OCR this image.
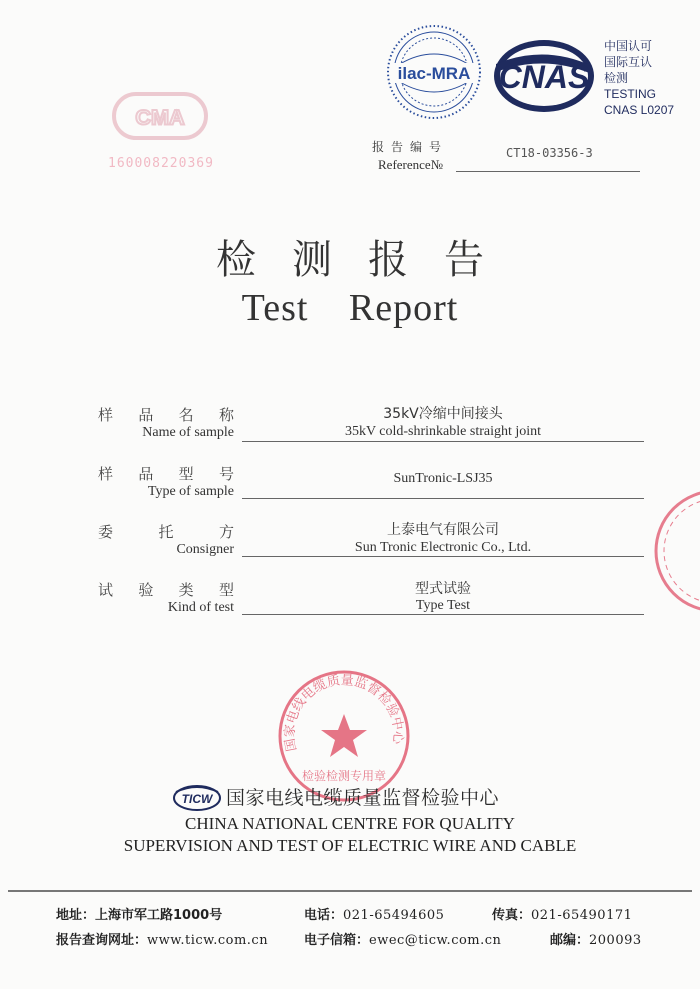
CMA
160008220369
ilac-MRA CNAS
中国认可
国际互认
检测
TESTING
CNAS L0207
报告编号
Reference№
CT18-03356-3
检测报告
Test Report
样 品 名 称
Name of sample
35kV冷缩中间接头
35kV cold-shrinkable straight joint
样 品 型 号
Type of sample
SunTronic-LSJ35
委	托	方
Consigner
上泰电气有限公司
Sun Tronic Electronic Co., Ltd.
试 验 类 型
Kind of test
型式试验
Type Test
国家电线电缆质量监督检验中心
检验检测专用章
TICW 国家电线电缆质量监督检验中心
CHINA NATIONAL CENTRE FOR QUALITY
SUPERVISION AND TEST OF ELECTRIC WIRE AND CABLE
地址：上海市军工路1000号	电话：021-65494605	传真：021-65490171
报告查询网址：www.ticw.com.cn	电子信箱：ewec@ticw.com.cn	邮编：200093
